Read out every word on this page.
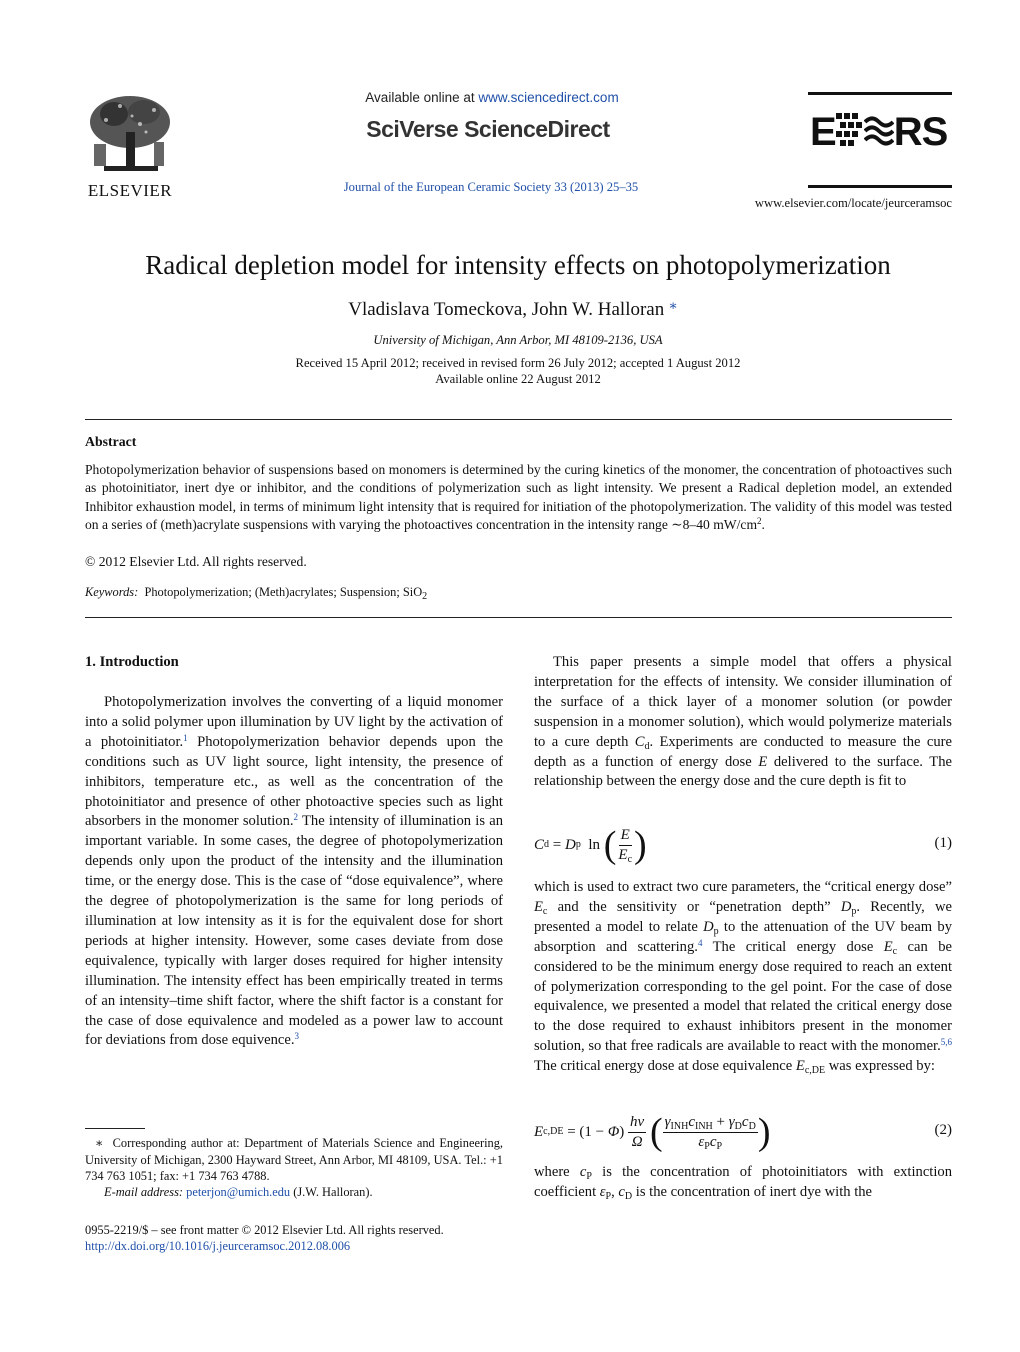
ELSEVIER
Available online at www.sciencedirect.com
SciVerse ScienceDirect
Journal of the European Ceramic Society 33 (2013) 25–35
E RS
www.elsevier.com/locate/jeurceramsoc
Radical depletion model for intensity effects on photopolymerization
Vladislava Tomeckova, John W. Halloran ∗
University of Michigan, Ann Arbor, MI 48109-2136, USA
Received 15 April 2012; received in revised form 26 July 2012; accepted 1 August 2012
Available online 22 August 2012
Abstract
Photopolymerization behavior of suspensions based on monomers is determined by the curing kinetics of the monomer, the concentration of photoactives such as photoinitiator, inert dye or inhibitor, and the conditions of polymerization such as light intensity. We present a Radical depletion model, an extended Inhibitor exhaustion model, in terms of minimum light intensity that is required for initiation of the photopolymerization. The validity of this model was tested on a series of (meth)acrylate suspensions with varying the photoactives concentration in the intensity range ∼8–40 $mW/cm^2$.
© 2012 Elsevier Ltd. All rights reserved.
Keywords: Photopolymerization; (Meth)acrylates; Suspension; SiO$_2$
1. Introduction

Photopolymerization involves the converting of a liquid monomer into a solid polymer upon illumination by UV light by the activation of a photoinitiator.$^1$ Photopolymerization behavior depends upon the conditions such as UV light source, light intensity, the presence of inhibitors, temperature etc., as well as the concentration of the photoinitiator and presence of other photoactive species such as light absorbers in the monomer solution.$^2$ The intensity of illumination is an important variable. In some cases, the degree of photopolymerization depends only upon the product of the intensity and the illumination time, or the energy dose. This is the case of “dose equivalence”, where the degree of photopolymerization is the same for long periods of illumination at low intensity as it is for the equivalent dose for short periods at higher intensity. However, some cases deviate from dose equivalence, typically with larger doses required for higher intensity illumination. The intensity effect has been empirically treated in terms of an intensity–time shift factor, where the shift factor is a constant for the case of dose equivalence and modeled as a power law to account for deviations from dose equivence.$^3$

∗ Corresponding author at: Department of Materials Science and Engineering, University of Michigan, 2300 Hayward Street, Ann Arbor, MI 48109, USA. Tel.: +1 734 763 1051; fax: +1 734 763 4788.
E-mail address: peterjon@umich.edu (J.W. Halloran).
0955-2219/$ – see front matter © 2012 Elsevier Ltd. All rights reserved.
http://dx.doi.org/10.1016/j.jeurceramsoc.2012.08.006

This paper presents a simple model that offers a physical interpretation for the effects of intensity. We consider illumination of the surface of a thick layer of a monomer solution (or powder suspension in a monomer solution), which would polymerize materials to a cure depth $C_d$. Experiments are conducted to measure the cure depth as a function of energy dose E delivered to the surface. The relationship between the energy dose and the cure depth is fit to

C d = D p ln ( $\frac{E}{E_c}$ )	(1)

which is used to extract two cure parameters, the “critical energy dose” $E_c$ and the sensitivity or “penetration depth” $D_p$. Recently, we presented a model to relate $D_p$ to the attenuation of the UV beam by absorption and scattering.$^4$ The critical energy dose $E_c$ can be considered to be the minimum energy dose required to reach an extent of polymerization corresponding to the gel point. For the case of dose equivalence, we presented a model that related the critical energy dose to the dose required to exhaust inhibitors present in the monomer solution, so that free radicals are available to react with the monomer.$^{5,6}$ The critical energy dose at dose equivalence $E_{c,DE}$ was expressed by:

E c,DE = (1 − Φ ) $\frac{h\nu}{\Omega}$
( $\frac{\gamma_{INH}c_{INH} + \gamma_Dc_D}{\varepsilon_Pc_P}$ )	(2)

where $c_P$ is the concentration of photoinitiators with extinction coefficient $\varepsilon_P$, $c_D$ is the concentration of inert dye with the
